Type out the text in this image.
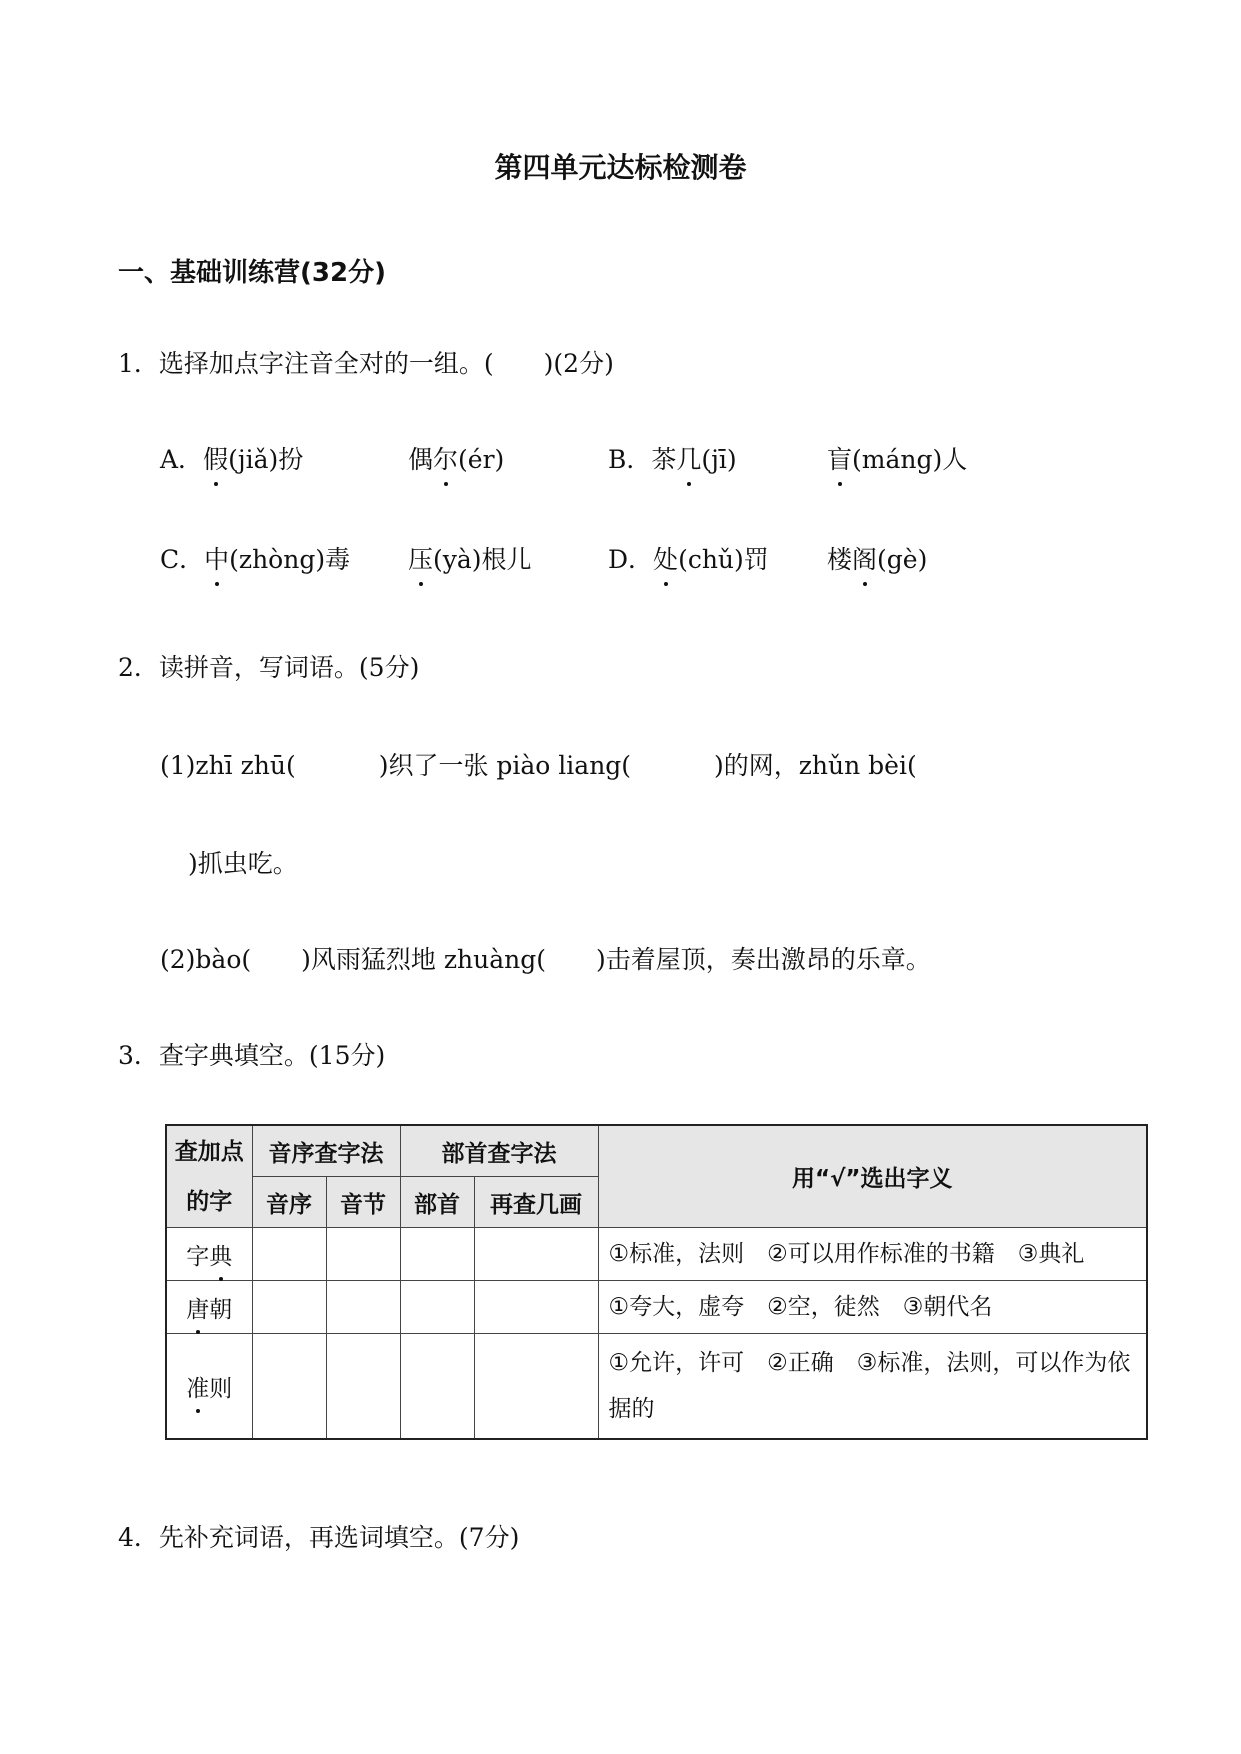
第四单元达标检测卷
一、基础训练营(32分)
1．选择加点字注音全对的一组。(　　)(2分)
A．假(jiǎ)扮	偶尔(ér)	B．茶几(jī)	盲(máng)人
C．中(zhòng)毒 压(yà)根儿	D．处(chǔ)罚 楼阁(gè)
2．读拼音，写词语。(5分)
(1)zhī zhū(　　　 )织了一张 piào liang(　　　 )的网，zhǔn bèi(
)抓虫吃。
(2)bào(　　)风雨猛烈地 zhuàng(　　)击着屋顶，奏出激昂的乐章。
3．查字典填空。(15分)
查加点
的字	音序查字法		部首查字法		用“√”选出字义
	音序	音节	部首	再查几画	
字典					①标准，法则　②可以用作标准的书籍　③典礼
唐朝					①夸大，虚夸　②空，徒然　③朝代名
准则					①允许，许可　②正确　③标准，法则，可以作为依据的
4．先补充词语，再选词填空。(7分)
